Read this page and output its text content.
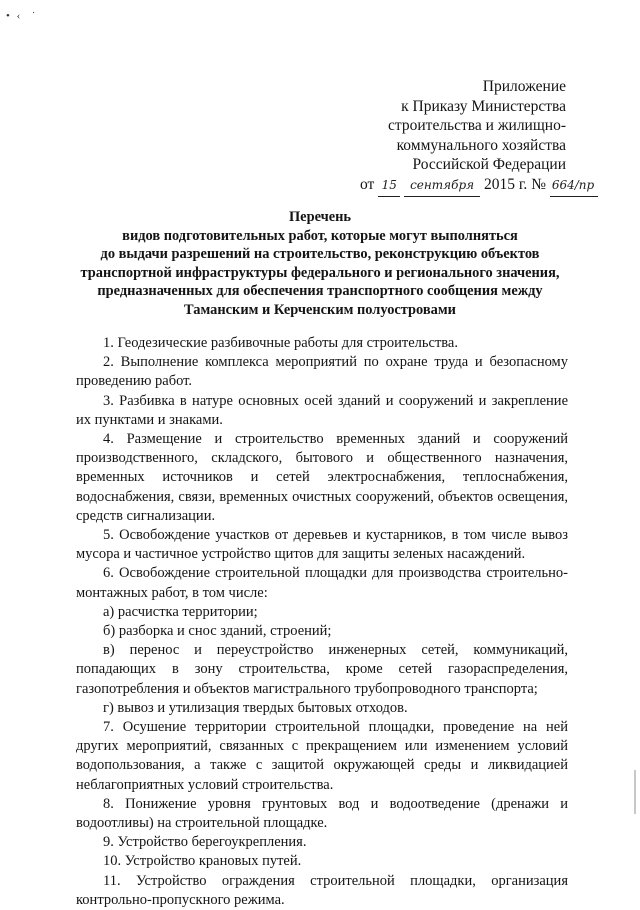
• ‹  ˙
Приложение
к Приказу Министерства
строительства и жилищно-
коммунального хозяйства
Российской Федерации
от 15 сентября 2015 г. № 664/пр
Перечень
видов подготовительных работ, которые могут выполняться
до выдачи разрешений на строительство, реконструкцию объектов
транспортной инфраструктуры федерального и регионального значения,
предназначенных для обеспечения транспортного сообщения между
Таманским и Керченским полуостровами

1. Геодезические разбивочные работы для строительства.

2. Выполнение комплекса мероприятий по охране труда и безопасному проведению работ.

3. Разбивка в натуре основных осей зданий и сооружений и закрепление их пунктами и знаками.

4. Размещение и строительство временных зданий и сооружений производственного, складского, бытового и общественного назначения, временных источников и сетей электроснабжения, теплоснабжения, водоснабжения, связи, временных очистных сооружений, объектов освещения, средств сигнализации.

5. Освобождение участков от деревьев и кустарников, в том числе вывоз мусора и частичное устройство щитов для защиты зеленых насаждений.

6. Освобождение строительной площадки для производства строительно-монтажных работ, в том числе:

а) расчистка территории;

б) разборка и снос зданий, строений;

в) перенос и переустройство инженерных сетей, коммуникаций, попадающих в зону строительства, кроме сетей газораспределения, газопотребления и объектов магистрального трубопроводного транспорта;

г) вывоз и утилизация твердых бытовых отходов.

7. Осушение территории строительной площадки, проведение на ней других мероприятий, связанных с прекращением или изменением условий водопользования, а также с защитой окружающей среды и ликвидацией неблагоприятных условий строительства.

8. Понижение уровня грунтовых вод и водоотведение (дренажи и водоотливы) на строительной площадке.

9. Устройство берегоукрепления.

10. Устройство крановых путей.

11. Устройство ограждения строительной площадки, организация контрольно-пропускного режима.
